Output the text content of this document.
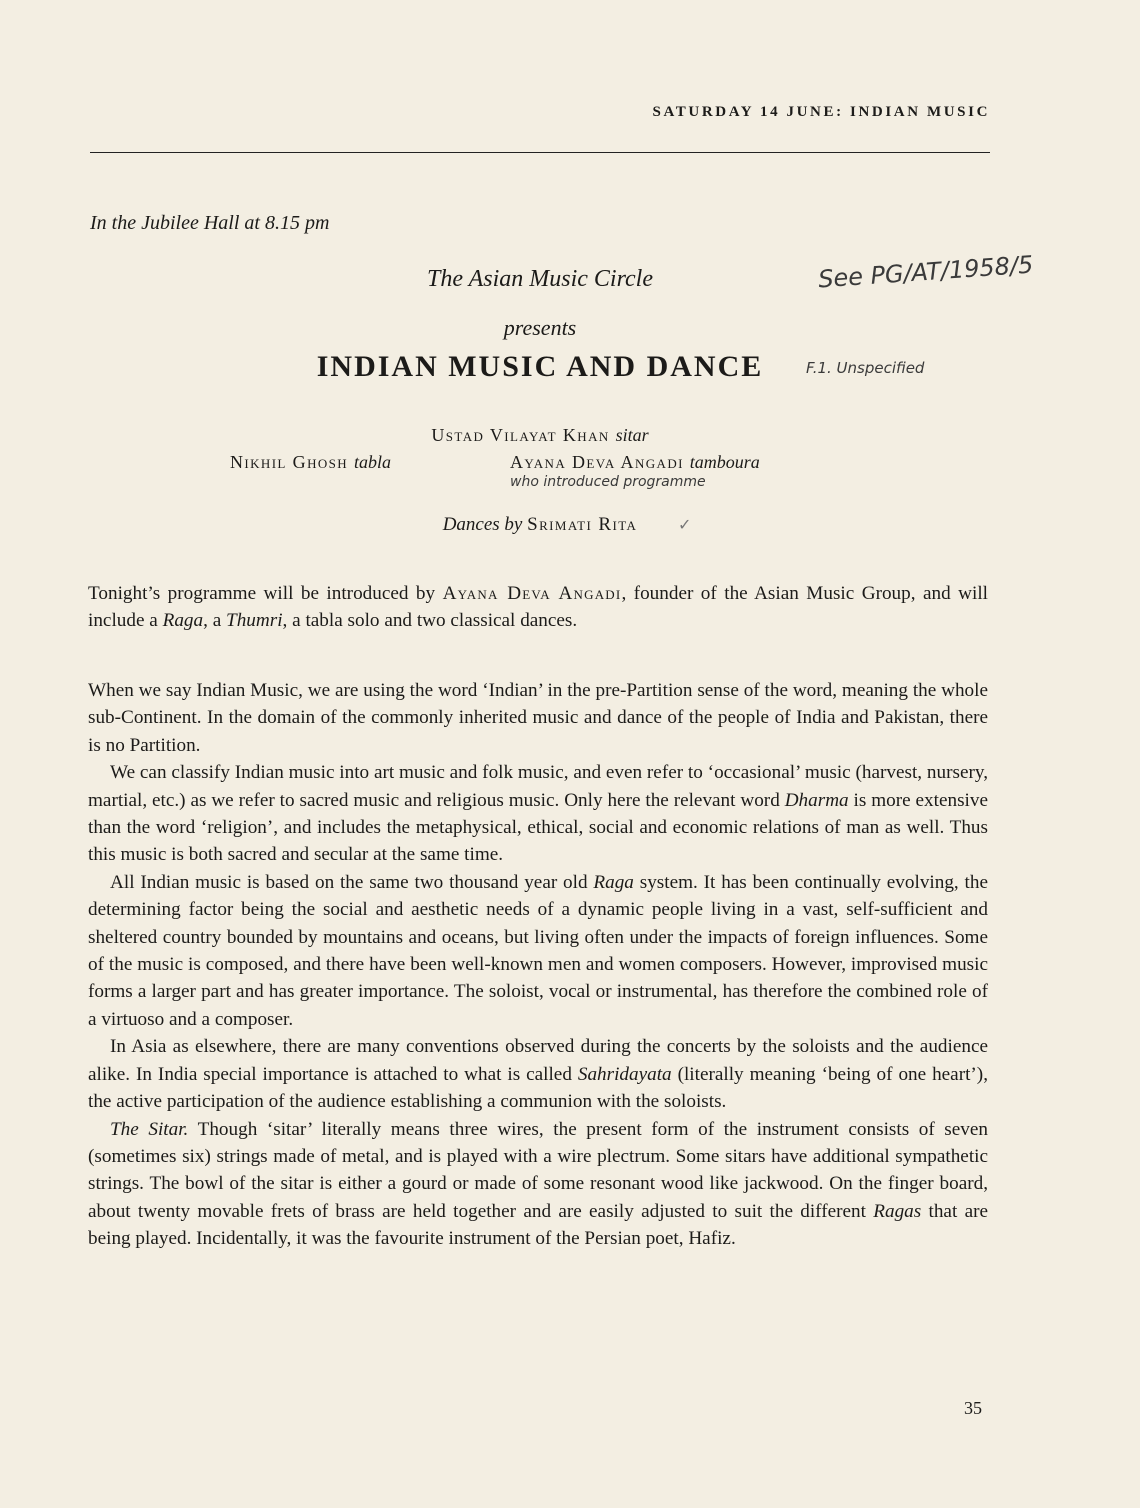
SATURDAY 14 JUNE: INDIAN MUSIC
In the Jubilee Hall at 8.15 pm
The Asian Music Circle
presents
INDIAN MUSIC AND DANCE
Ustad Vilayat Khan sitar
Nikhil Ghosh tabla	Ayana Deva Angadi tamboura
Dances by Srimati Rita

Tonight’s programme will be introduced by Ayana Deva Angadi, founder of the Asian Music Group, and will include a Raga, a Thumri, a tabla solo and two classical dances.

When we say Indian Music, we are using the word ‘Indian’ in the pre-Partition sense of the word, meaning the whole sub-Continent. In the domain of the commonly inherited music and dance of the people of India and Pakistan, there is no Partition.

We can classify Indian music into art music and folk music, and even refer to ‘occasional’ music (harvest, nursery, martial, etc.) as we refer to sacred music and religious music. Only here the relevant word Dharma is more extensive than the word ‘religion’, and includes the metaphysical, ethical, social and economic relations of man as well. Thus this music is both sacred and secular at the same time.

All Indian music is based on the same two thousand year old Raga system. It has been continually evolving, the determining factor being the social and aesthetic needs of a dynamic people living in a vast, self-sufficient and sheltered country bounded by mountains and oceans, but living often under the impacts of foreign influences. Some of the music is composed, and there have been well-known men and women composers. However, improvised music forms a larger part and has greater importance. The soloist, vocal or instrumental, has therefore the combined role of a virtuoso and a composer.

In Asia as elsewhere, there are many conventions observed during the concerts by the soloists and the audience alike. In India special importance is attached to what is called Sahridayata (literally meaning ‘being of one heart’), the active participation of the audience establishing a communion with the soloists.

The Sitar. Though ‘sitar’ literally means three wires, the present form of the instrument consists of seven (sometimes six) strings made of metal, and is played with a wire plectrum. Some sitars have additional sympathetic strings. The bowl of the sitar is either a gourd or made of some resonant wood like jackwood. On the finger board, about twenty movable frets of brass are held together and are easily adjusted to suit the different Ragas that are being played. Incidentally, it was the favourite instrument of the Persian poet, Hafiz.

35
See PG/AT/1958/5
F.1. Unspecified
who introduced programme
✓
